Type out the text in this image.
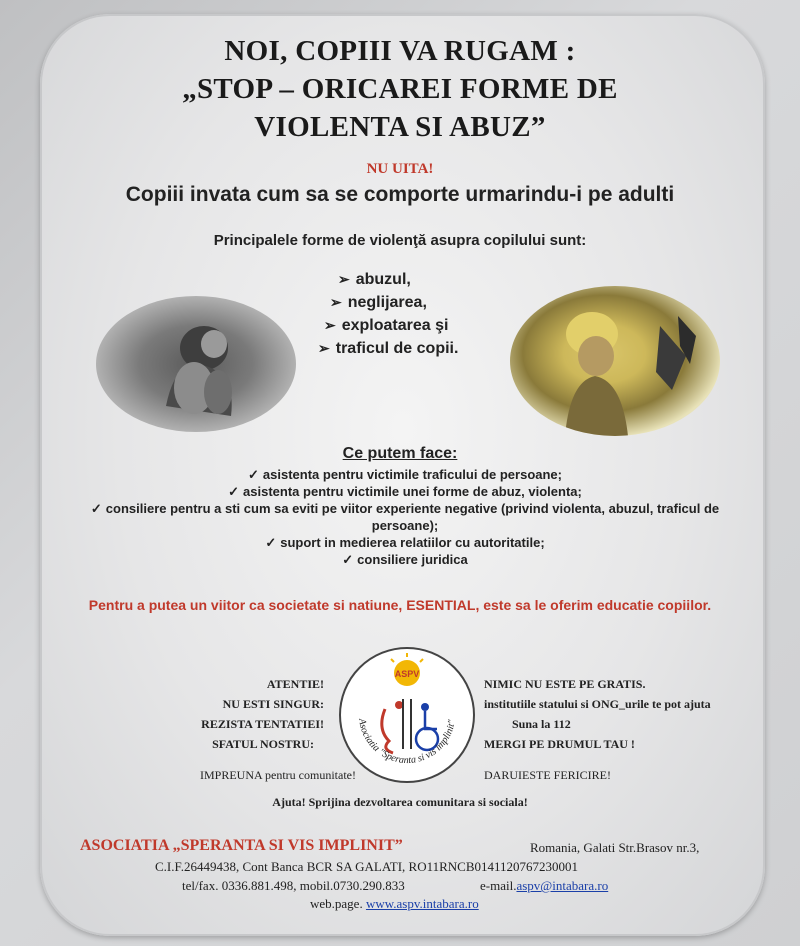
NOI, COPIII VA RUGAM :
„STOP – ORICAREI FORME DE
VIOLENTA SI ABUZ”
NU UITA!
Copiii invata cum sa se comporte urmarindu-i pe adulti
Principalele forme de violenţă asupra copilului sunt:
➢ abuzul,
➢ neglijarea,
➢ exploatarea şi
➢ traficul de copii.
Ce putem face:
✓ asistenta pentru victimile traficului de persoane;
✓ asistenta pentru victimile unei forme de abuz, violenta;
✓ consiliere pentru a sti cum sa eviti pe viitor experiente negative (privind violenta, abuzul, traficul de
persoane);
✓ suport in medierea relatiilor cu autoritatile;
✓ consiliere juridica
Pentru a putea un viitor ca societate si natiune, ESENTIAL, este sa le oferim educatie copiilor.
ATENTIE!
NU ESTI SINGUR:
REZISTA TENTATIEI!
SFATUL NOSTRU:
NIMIC NU ESTE PE GRATIS.
institutiile statului si ONG_urile te pot ajuta
Suna la 112
MERGI PE DRUMUL TAU !
IMPREUNA pentru comunitate!	DARUIESTE FERICIRE!
ASPV
Asociatia "Speranta si vis implinit"
Ajuta! Sprijina dezvoltarea comunitara si sociala!
ASOCIATIA „SPERANTA SI VIS IMPLINIT”	Romania, Galati Str.Brasov nr.3,
C.I.F.26449438, Cont Banca BCR SA GALATI, RO11RNCB0141120767230001
tel/fax. 0336.881.498, mobil.0730.290.833	e-mail.aspv@intabara.ro
web.page. www.aspv.intabara.ro
